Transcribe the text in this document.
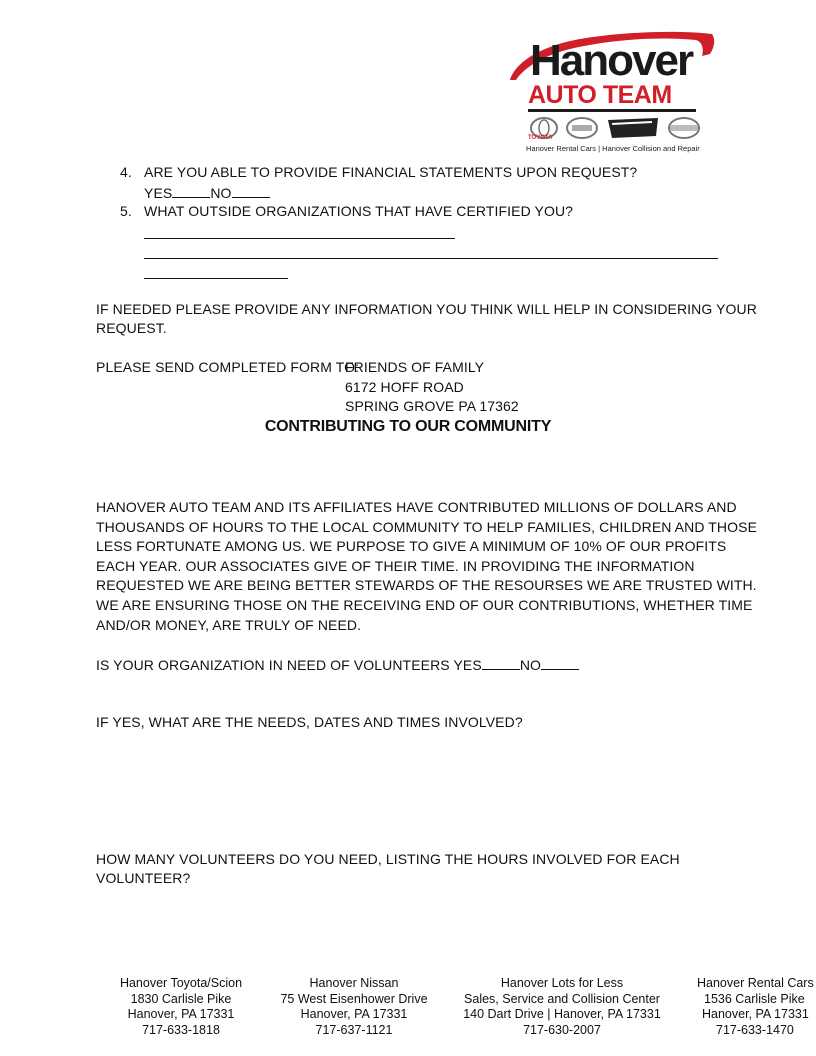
Hanover
AUTO TEAM
TOYOTA
Hanover Rental Cars | Hanover Collision and Repair
4. ARE YOU ABLE TO PROVIDE FINANCIAL STATEMENTS UPON REQUEST?
YES	NO
5. WHAT OUTSIDE ORGANIZATIONS THAT HAVE CERTIFIED YOU?
IF NEEDED PLEASE PROVIDE ANY INFORMATION YOU THINK WILL HELP IN CONSIDERING YOUR
REQUEST.
PLEASE SEND COMPLETED FORM TO:
FRIENDS OF FAMILY
6172 HOFF ROAD
SPRING GROVE PA 17362
CONTRIBUTING TO OUR COMMUNITY
HANOVER AUTO TEAM AND ITS AFFILIATES HAVE CONTRIBUTED MILLIONS OF DOLLARS AND
THOUSANDS OF HOURS TO THE LOCAL COMMUNITY TO HELP FAMILIES, CHILDREN AND THOSE
LESS FORTUNATE AMONG US. WE PURPOSE TO GIVE A MINIMUM OF 10% OF OUR PROFITS
EACH YEAR. OUR ASSOCIATES GIVE OF THEIR TIME. IN PROVIDING THE INFORMATION
REQUESTED WE ARE BEING BETTER STEWARDS OF THE RESOURSES WE ARE TRUSTED WITH.
WE ARE ENSURING THOSE ON THE RECEIVING END OF OUR CONTRIBUTIONS, WHETHER TIME
AND/OR MONEY, ARE TRULY OF NEED.
IS YOUR ORGANIZATION IN NEED OF VOLUNTEERS YES	NO
IF YES, WHAT ARE THE NEEDS, DATES AND TIMES INVOLVED?
HOW MANY VOLUNTEERS DO YOU NEED, LISTING THE HOURS INVOLVED FOR EACH
VOLUNTEER?
Hanover Toyota/Scion
1830 Carlisle Pike
Hanover, PA 17331
717-633-1818
Hanover Nissan
75 West Eisenhower Drive
Hanover, PA 17331
717-637-1121
Hanover Lots for Less
Sales, Service and Collision Center
140 Dart Drive | Hanover, PA 17331
717-630-2007
Hanover Rental Cars
1536 Carlisle Pike
Hanover, PA 17331
717-633-1470
